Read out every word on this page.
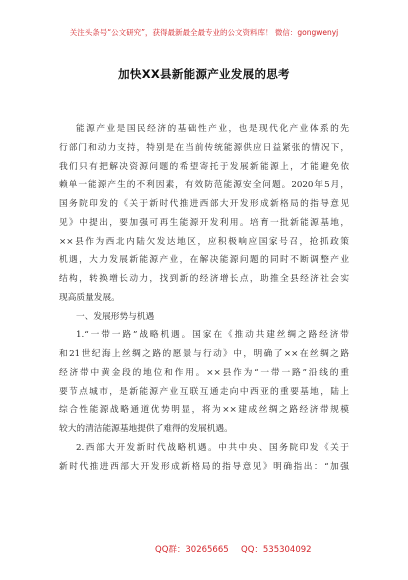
关注头条号“公文研究”，获得最新最全最专业的公文资料库！ 微信：gongwenyj
加快XX县新能源产业发展的思考
能源产业是国民经济的基础性产业，也是现代化产业体系的先
行部门和动力支持，特别是在当前传统能源供应日益紧张的情况下，
我们只有把解决资源问题的希望寄托于发展新能源上，才能避免依
赖单一能源产生的不利因素，有效防范能源安全问题。2020年5月，
国务院印发的《关于新时代推进西部大开发形成新格局的指导意见
见》中提出，要加强可再生能源开发利用。培育一批新能源基地，
××县作为西北内陆欠发达地区，应积极响应国家号召，抢抓政策
机遇，大力发展新能源产业，在解决能源问题的同时不断调整产业
结构，转换增长动力，找到新的经济增长点，助推全县经济社会实
现高质量发展。
一、发展形势与机遇
1.“一带一路”战略机遇。国家在《推动共建丝绸之路经济带
和21世纪海上丝绸之路的愿景与行动》中，明确了××在丝绸之路
经济带中黄金段的地位和作用。××县作为“一带一路”沿线的重
要节点城市，是新能源产业互联互通走向中西亚的重要基地，陆上
综合性能源战略通道优势明显，将为××建成丝绸之路经济带规模
较大的清洁能源基地提供了难得的发展机遇。
2.西部大开发新时代战略机遇。中共中央、国务院印发《关于
新时代推进西部大开发形成新格局的指导意见》明确指出：“加强
QQ群：30265665 QQ：535304092
